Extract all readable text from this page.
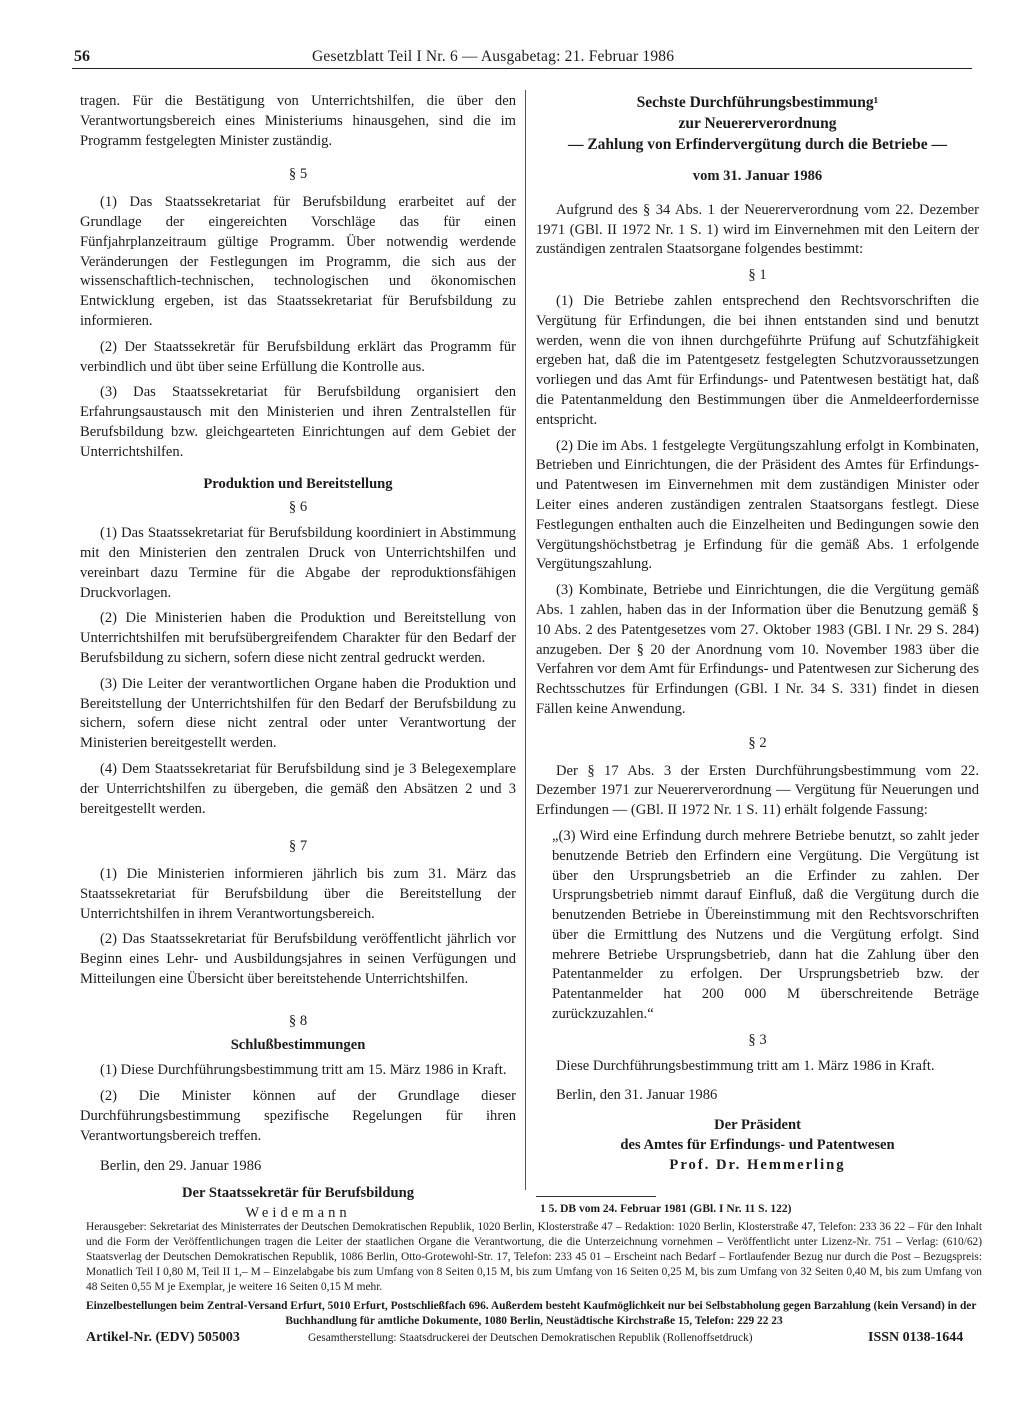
56	Gesetzblatt Teil I Nr. 6 — Ausgabetag: 21. Februar 1986

tragen. Für die Bestätigung von Unterrichtshilfen, die über den Verantwortungsbereich eines Ministeriums hinausgehen, sind die im Programm festgelegten Minister zuständig.

§ 5

(1) Das Staatssekretariat für Berufsbildung erarbeitet auf der Grundlage der eingereichten Vorschläge das für einen Fünfjahrplanzeitraum gültige Programm. Über notwendig werdende Veränderungen der Festlegungen im Programm, die sich aus der wissenschaftlich-technischen, technologischen und ökonomischen Entwicklung ergeben, ist das Staatssekretariat für Berufsbildung zu informieren.

(2) Der Staatssekretär für Berufsbildung erklärt das Programm für verbindlich und übt über seine Erfüllung die Kontrolle aus.

(3) Das Staatssekretariat für Berufsbildung organisiert den Erfahrungsaustausch mit den Ministerien und ihren Zentralstellen für Berufsbildung bzw. gleichgearteten Einrichtungen auf dem Gebiet der Unterrichtshilfen.

Produktion und Bereitstellung
§ 6

(1) Das Staatssekretariat für Berufsbildung koordiniert in Abstimmung mit den Ministerien den zentralen Druck von Unterrichtshilfen und vereinbart dazu Termine für die Abgabe der reproduktionsfähigen Druckvorlagen.

(2) Die Ministerien haben die Produktion und Bereitstellung von Unterrichtshilfen mit berufsübergreifendem Charakter für den Bedarf der Berufsbildung zu sichern, sofern diese nicht zentral gedruckt werden.

(3) Die Leiter der verantwortlichen Organe haben die Produktion und Bereitstellung der Unterrichtshilfen für den Bedarf der Berufsbildung zu sichern, sofern diese nicht zentral oder unter Verantwortung der Ministerien bereitgestellt werden.

(4) Dem Staatssekretariat für Berufsbildung sind je 3 Belegexemplare der Unterrichtshilfen zu übergeben, die gemäß den Absätzen 2 und 3 bereitgestellt werden.

§ 7

(1) Die Ministerien informieren jährlich bis zum 31. März das Staatssekretariat für Berufsbildung über die Bereitstellung der Unterrichtshilfen in ihrem Verantwortungsbereich.

(2) Das Staatssekretariat für Berufsbildung veröffentlicht jährlich vor Beginn eines Lehr- und Ausbildungsjahres in seinen Verfügungen und Mitteilungen eine Übersicht über bereitstehende Unterrichtshilfen.

§ 8
Schlußbestimmungen

(1) Diese Durchführungsbestimmung tritt am 15. März 1986 in Kraft.

(2) Die Minister können auf der Grundlage dieser Durchführungsbestimmung spezifische Regelungen für ihren Verantwortungsbereich treffen.

Berlin, den 29. Januar 1986

Der Staatssekretär für Berufsbildung
Weidemann
Sechste Durchführungsbestimmung¹
zur Neuererverordnung
— Zahlung von Erfindervergütung durch die Betriebe —
vom 31. Januar 1986

Aufgrund des § 34 Abs. 1 der Neuererverordnung vom 22. Dezember 1971 (GBl. II 1972 Nr. 1 S. 1) wird im Einvernehmen mit den Leitern der zuständigen zentralen Staatsorgane folgendes bestimmt:

§ 1

(1) Die Betriebe zahlen entsprechend den Rechtsvorschriften die Vergütung für Erfindungen, die bei ihnen entstanden sind und benutzt werden, wenn die von ihnen durchgeführte Prüfung auf Schutzfähigkeit ergeben hat, daß die im Patentgesetz festgelegten Schutzvoraussetzungen vorliegen und das Amt für Erfindungs- und Patentwesen bestätigt hat, daß die Patentanmeldung den Bestimmungen über die Anmeldeerfordernisse entspricht.

(2) Die im Abs. 1 festgelegte Vergütungszahlung erfolgt in Kombinaten, Betrieben und Einrichtungen, die der Präsident des Amtes für Erfindungs- und Patentwesen im Einvernehmen mit dem zuständigen Minister oder Leiter eines anderen zuständigen zentralen Staatsorgans festlegt. Diese Festlegungen enthalten auch die Einzelheiten und Bedingungen sowie den Vergütungshöchstbetrag je Erfindung für die gemäß Abs. 1 erfolgende Vergütungszahlung.

(3) Kombinate, Betriebe und Einrichtungen, die die Vergütung gemäß Abs. 1 zahlen, haben das in der Information über die Benutzung gemäß § 10 Abs. 2 des Patentgesetzes vom 27. Oktober 1983 (GBl. I Nr. 29 S. 284) anzugeben. Der § 20 der Anordnung vom 10. November 1983 über die Verfahren vor dem Amt für Erfindungs- und Patentwesen zur Sicherung des Rechtsschutzes für Erfindungen (GBl. I Nr. 34 S. 331) findet in diesen Fällen keine Anwendung.

§ 2

Der § 17 Abs. 3 der Ersten Durchführungsbestimmung vom 22. Dezember 1971 zur Neuererverordnung — Vergütung für Neuerungen und Erfindungen — (GBl. II 1972 Nr. 1 S. 11) erhält folgende Fassung:

„(3) Wird eine Erfindung durch mehrere Betriebe benutzt, so zahlt jeder benutzende Betrieb den Erfindern eine Vergütung. Die Vergütung ist über den Ursprungsbetrieb an die Erfinder zu zahlen. Der Ursprungsbetrieb nimmt darauf Einfluß, daß die Vergütung durch die benutzenden Betriebe in Übereinstimmung mit den Rechtsvorschriften über die Ermittlung des Nutzens und die Vergütung erfolgt. Sind mehrere Betriebe Ursprungsbetrieb, dann hat die Zahlung über den Patentanmelder zu erfolgen. Der Ursprungsbetrieb bzw. der Patentanmelder hat 200 000 M überschreitende Beträge zurückzuzahlen.“

§ 3

Diese Durchführungsbestimmung tritt am 1. März 1986 in Kraft.

Berlin, den 31. Januar 1986

Der Präsident
des Amtes für Erfindungs- und Patentwesen
Prof. Dr. Hemmerling
1 5. DB vom 24. Februar 1981 (GBl. I Nr. 11 S. 122)
Herausgeber: Sekretariat des Ministerrates der Deutschen Demokratischen Republik, 1020 Berlin, Klosterstraße 47 – Redaktion: 1020 Berlin, Klosterstraße 47, Telefon: 233 36 22 – Für den Inhalt und die Form der Veröffentlichungen tragen die Leiter der staatlichen Organe die Verantwortung, die die Unterzeichnung vornehmen – Veröffentlicht unter Lizenz-Nr. 751 – Verlag: (610/62) Staatsverlag der Deutschen Demokratischen Republik, 1086 Berlin, Otto-Grotewohl-Str. 17, Telefon: 233 45 01 – Erscheint nach Bedarf – Fortlaufender Bezug nur durch die Post – Bezugspreis: Monatlich Teil I 0,80 M, Teil II 1,– M – Einzelabgabe bis zum Umfang von 8 Seiten 0,15 M, bis zum Umfang von 16 Seiten 0,25 M, bis zum Umfang von 32 Seiten 0,40 M, bis zum Umfang von 48 Seiten 0,55 M je Exemplar, je weitere 16 Seiten 0,15 M mehr.
Einzelbestellungen beim Zentral-Versand Erfurt, 5010 Erfurt, Postschließfach 696. Außerdem besteht Kaufmöglichkeit nur bei Selbstabholung gegen Barzahlung (kein Versand) in der
Buchhandlung für amtliche Dokumente, 1080 Berlin, Neustädtische Kirchstraße 15, Telefon: 229 22 23
Artikel-Nr. (EDV) 505003	Gesamtherstellung: Staatsdruckerei der Deutschen Demokratischen Republik (Rollenoffsetdruck)	ISSN 0138-1644
